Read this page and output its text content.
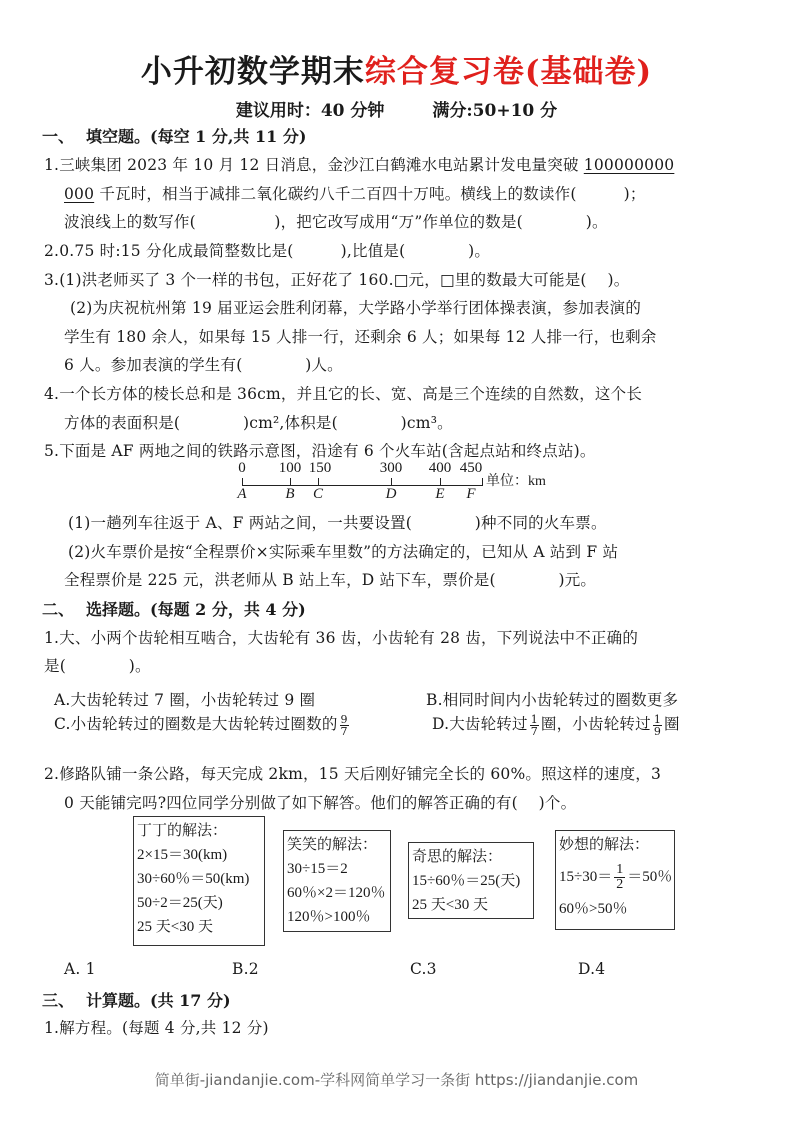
小升初数学期末综合复习卷(基础卷)
建议用时：40 分钟	满分:50+10 分
一、 填空题。(每空 1 分,共 11 分)
1.三峡集团 2023 年 10 月 12 日消息，金沙江白鹤滩水电站累计发电量突破 100000000
000 千瓦时，相当于减排二氧化碳约八千二百四十万吨。横线上的数读作(　　　)；
波浪线上的数写作(　　　　　)，把它改写成用“万”作单位的数是(　　　　)。
2.0.75 时:15 分化成最简整数比是(　　　),比值是(　　　　)。
3.(1)洪老师买了 3 个一样的书包，正好花了 160.□元，□里的数最大可能是(　 )。
(2)为庆祝杭州第 19 届亚运会胜利闭幕，大学路小学举行团体操表演，参加表演的
学生有 180 余人，如果每 15 人排一行，还剩余 6 人；如果每 12 人排一行，也剩余
6 人。参加表演的学生有(　　　　)人。
4.一个长方体的棱长总和是 36cm，并且它的长、宽、高是三个连续的自然数，这个长
方体的表面积是(　　　　)cm²,体积是(　　　　)cm³。
5.下面是 AF 两地之间的铁路示意图，沿途有 6 个火车站(含起点站和终点站)。
0 100 150	300 400 450
A	B C	D	E F
单位：km
(1)一趟列车往返于 A、F 两站之间，一共要设置(　　　　)种不同的火车票。
(2)火车票价是按“全程票价×实际乘车里数”的方法确定的，已知从 A 站到 F 站
全程票价是 225 元，洪老师从 B 站上车，D 站下车，票价是(　　　　)元。
二、 选择题。(每题 2 分，共 4 分)
1.大、小两个齿轮相互啮合，大齿轮有 36 齿，小齿轮有 28 齿，下列说法中不正确的
是(　　　　)。
A.大齿轮转过 7 圈，小齿轮转过 9 圈	B.相同时间内小齿轮转过的圈数更多
C.小齿轮转过的圈数是大齿轮转过圈数的 $\frac{9}{7}$	D.大齿轮转过 $\frac{1}{7}$ 圈，小齿轮转过 $\frac{1}{9}$ 圈
2.修路队铺一条公路，每天完成 2km，15 天后刚好铺完全长的 60%。照这样的速度，3
0 天能铺完吗?四位同学分别做了如下解答。他们的解答正确的有(　 )个。
丁丁的解法：
2×15＝30(km)
30÷60％＝50(km)
50÷2＝25(天)
25 天<30 天
笑笑的解法：
30÷15＝2
60％×2＝120％
120％>100％
奇思的解法：
15÷60％＝25(天)
25 天<30 天
妙想的解法：
$15\div 30= \frac{1}{2} =50$％
60％>50％
A. 1	B.2	C.3	D.4
三、 计算题。(共 17 分)
1.解方程。(每题 4 分,共 12 分)
简单街-jiandanjie.com-学科网简单学习一条街 https://jiandanjie.com
